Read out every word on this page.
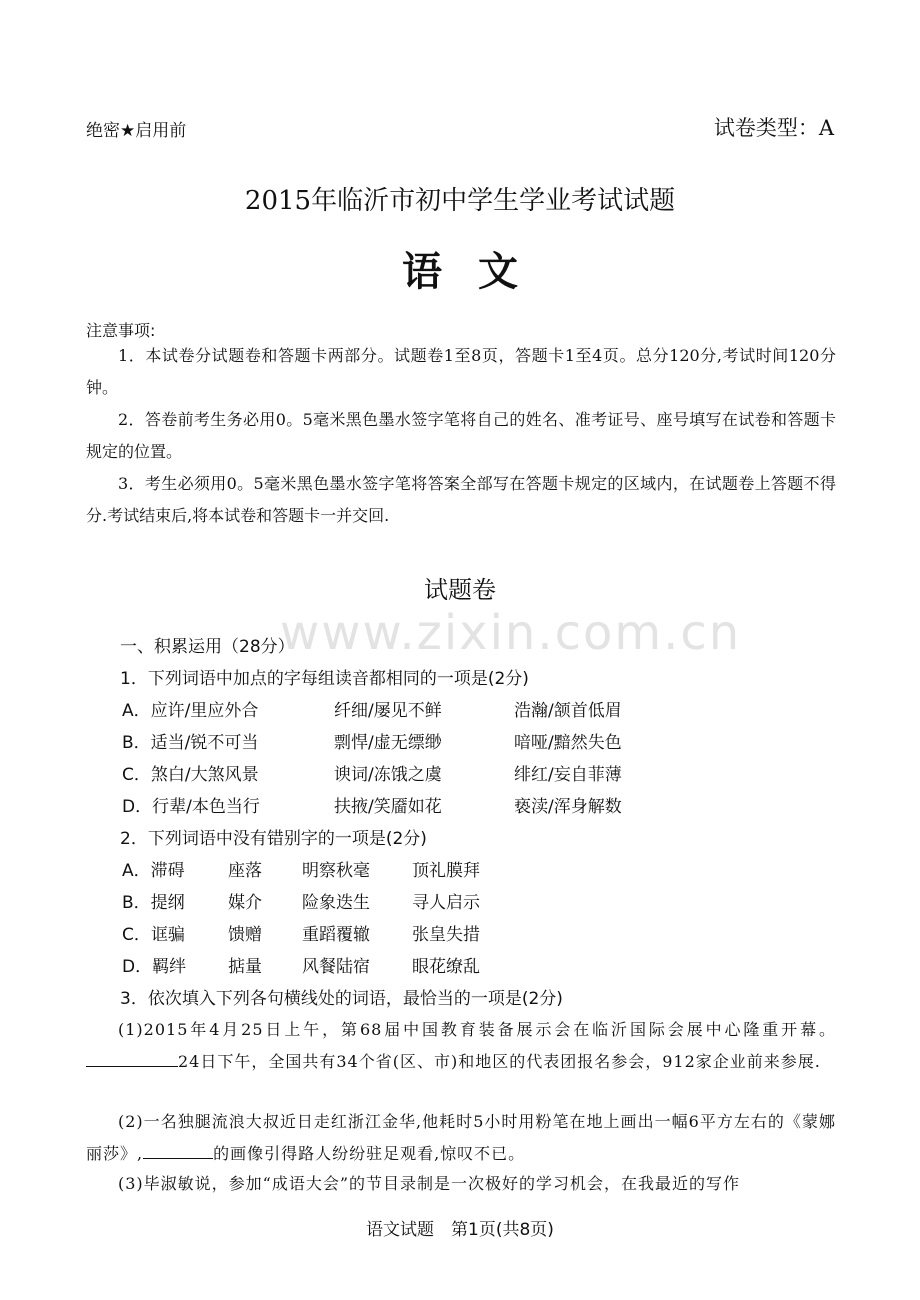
绝密★启用前	试卷类型：A
2015年临沂市初中学生学业考试试题
语文
注意事项:
1．本试卷分试题卷和答题卡两部分。试题卷1至8页，答题卡1至4页。总分120分,考试时间120分钟。
2．答卷前考生务必用0。5毫米黑色墨水签字笔将自己的姓名、准考证号、座号填写在试卷和答题卡规定的位置。
3．考生必须用0。5毫米黑色墨水签字笔将答案全部写在答题卡规定的区域内，在试题卷上答题不得分.考试结束后,将本试卷和答题卡一并交回.
试题卷
www.zixin.com.cn
一、积累运用（28分）
1．下列词语中加点的字每组读音都相同的一项是(2分)
A．应许/里应外合	纤细/屡见不鲜	浩瀚/颔首低眉
B．适当/锐不可当	剽悍/虚无缥缈	喑哑/黯然失色
C．煞白/大煞风景	谀词/冻饿之虞	绯红/妄自菲薄
D．行辈/本色当行	扶掖/笑靥如花	亵渎/浑身解数
2．下列词语中没有错别字的一项是(2分)
A．滞碍	座落 明察秋毫 顶礼膜拜
B．提纲	媒介 险象迭生 寻人启示
C．诓骗	馈赠 重蹈覆辙 张皇失措
D．羁绊 掂量 风餐陆宿 眼花缭乱
3．依次填入下列各句横线处的词语，最恰当的一项是(2分)
(1)2015年4月25日上午，第68届中国教育装备展示会在临沂国际会展中心隆重开幕。24日下午，全国共有34个省(区、市)和地区的代表团报名参会，912家企业前来参展.
(2)一名独腿流浪大叔近日走红浙江金华,他耗时5小时用粉笔在地上画出一幅6平方左右的《蒙娜丽莎》,	的画像引得路人纷纷驻足观看,惊叹不已。
(3)毕淑敏说，参加“成语大会”的节目录制是一次极好的学习机会，在我最近的写作
语文试题　第1页(共8页)
